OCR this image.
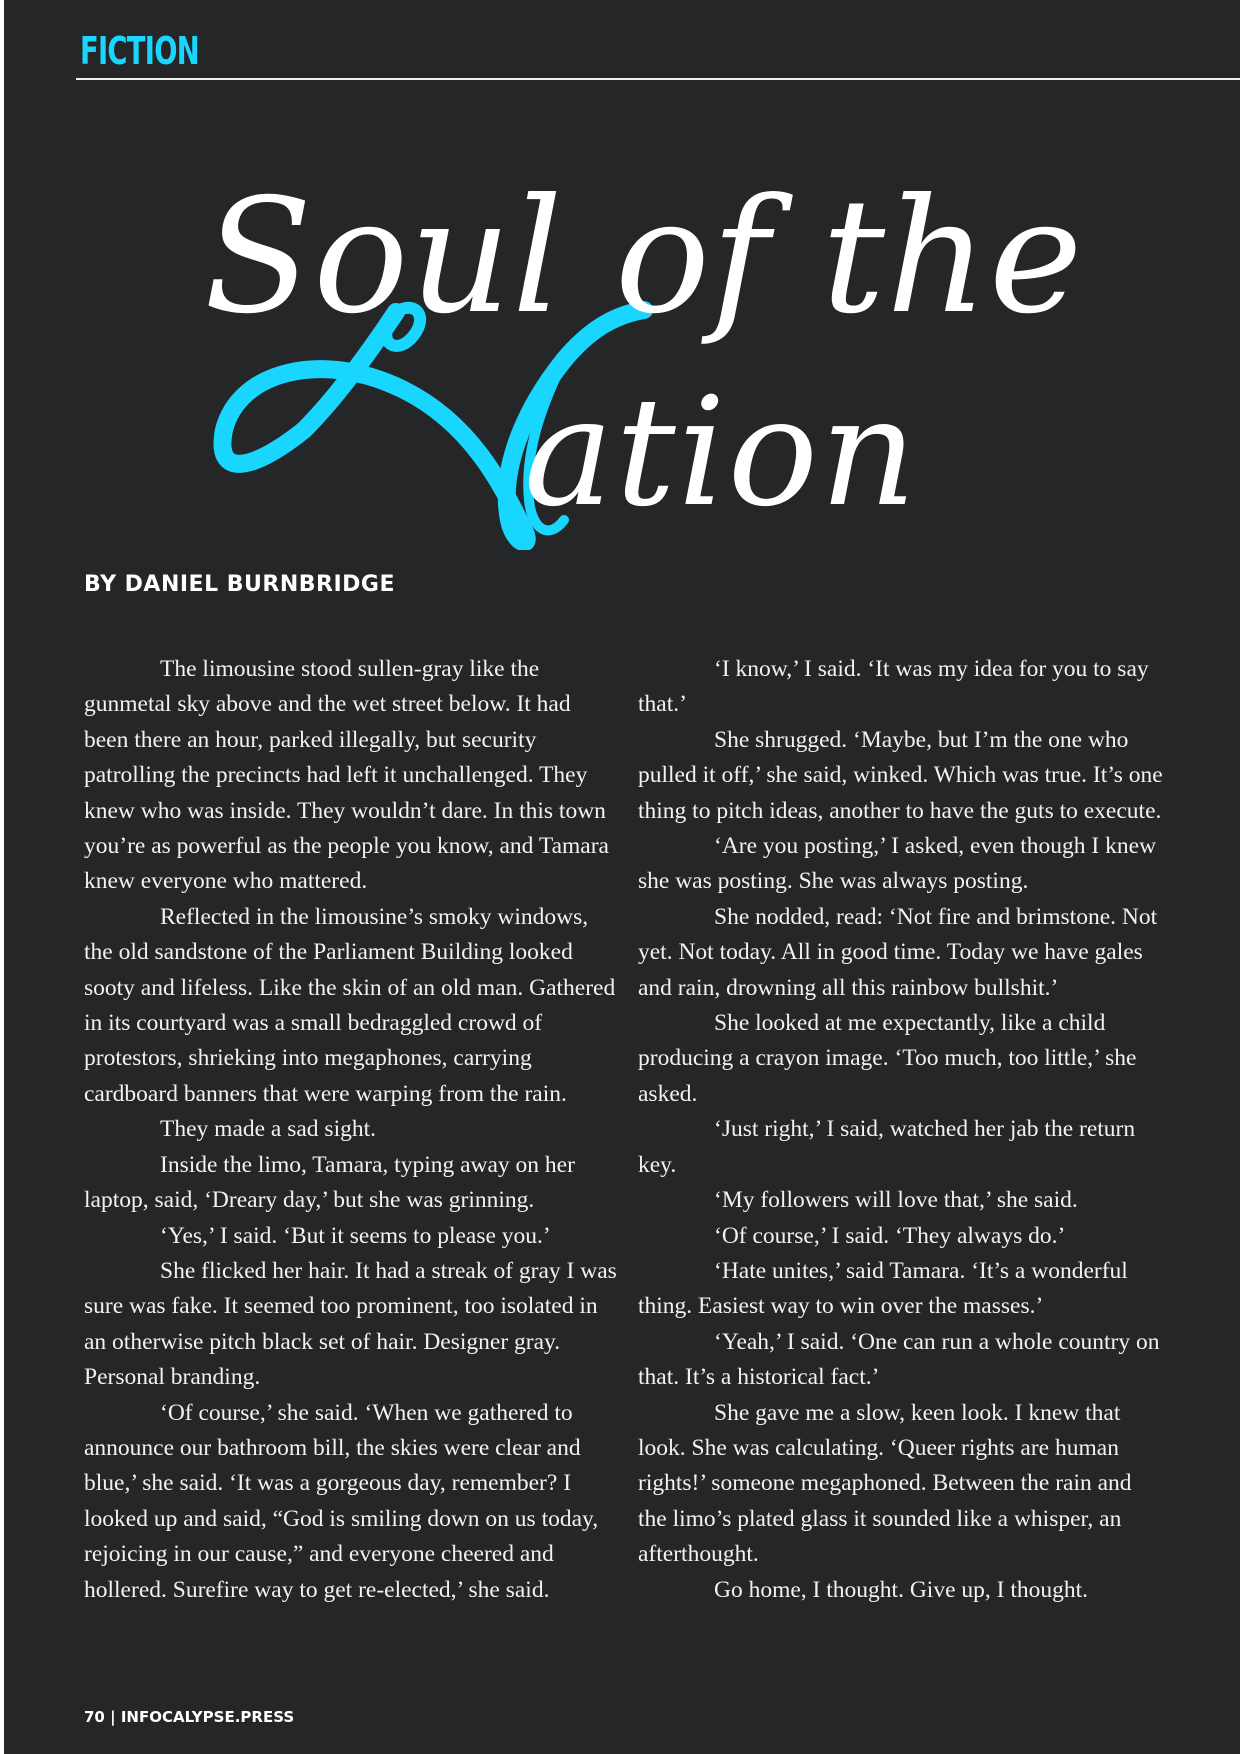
FICTION
Soul of the
ation
BY DANIEL BURNBRIDGE

The limousine stood sullen-gray like the gunmetal sky above and the wet street below. It had been there an hour, parked illegally, but security patrolling the precincts had left it unchallenged. They knew who was inside. They wouldn’t dare. In this town you’re as powerful as the people you know, and Tamara knew everyone who mattered.

Reflected in the limousine’s smoky windows, the old sandstone of the Parliament Building looked sooty and lifeless. Like the skin of an old man. Gathered in its courtyard was a small bedraggled crowd of protestors, shrieking into megaphones, carrying cardboard banners that were warping from the rain.

They made a sad sight.

Inside the limo, Tamara, typing away on her laptop, said, ‘Dreary day,’ but she was grinning.

‘Yes,’ I said. ‘But it seems to please you.’

She flicked her hair. It had a streak of gray I was sure was fake. It seemed too prominent, too isolated in an otherwise pitch black set of hair. Designer gray. Personal branding.

‘Of course,’ she said. ‘When we gathered to announce our bathroom bill, the skies were clear and blue,’ she said. ‘It was a gorgeous day, remember? I looked up and said, “God is smiling down on us today, rejoicing in our cause,” and everyone cheered and hollered. Surefire way to get re-elected,’ she said.

‘I know,’ I said. ‘It was my idea for you to say that.’

She shrugged. ‘Maybe, but I’m the one who pulled it off,’ she said, winked. Which was true. It’s one thing to pitch ideas, another to have the guts to execute.

‘Are you posting,’ I asked, even though I knew she was posting. She was always posting.

She nodded, read: ‘Not fire and brimstone. Not yet. Not today. All in good time. Today we have gales and rain, drowning all this rainbow bullshit.’

She looked at me expectantly, like a child producing a crayon image. ‘Too much, too little,’ she asked.

‘Just right,’ I said, watched her jab the return key.

‘My followers will love that,’ she said.

‘Of course,’ I said. ‘They always do.’

‘Hate unites,’ said Tamara. ‘It’s a wonderful thing. Easiest way to win over the masses.’

‘Yeah,’ I said. ‘One can run a whole country on that. It’s a historical fact.’

She gave me a slow, keen look. I knew that look. She was calculating. ‘Queer rights are human rights!’ someone megaphoned. Between the rain and the limo’s plated glass it sounded like a whisper, an afterthought.

Go home, I thought. Give up, I thought.

70 | INFOCALYPSE.PRESS
